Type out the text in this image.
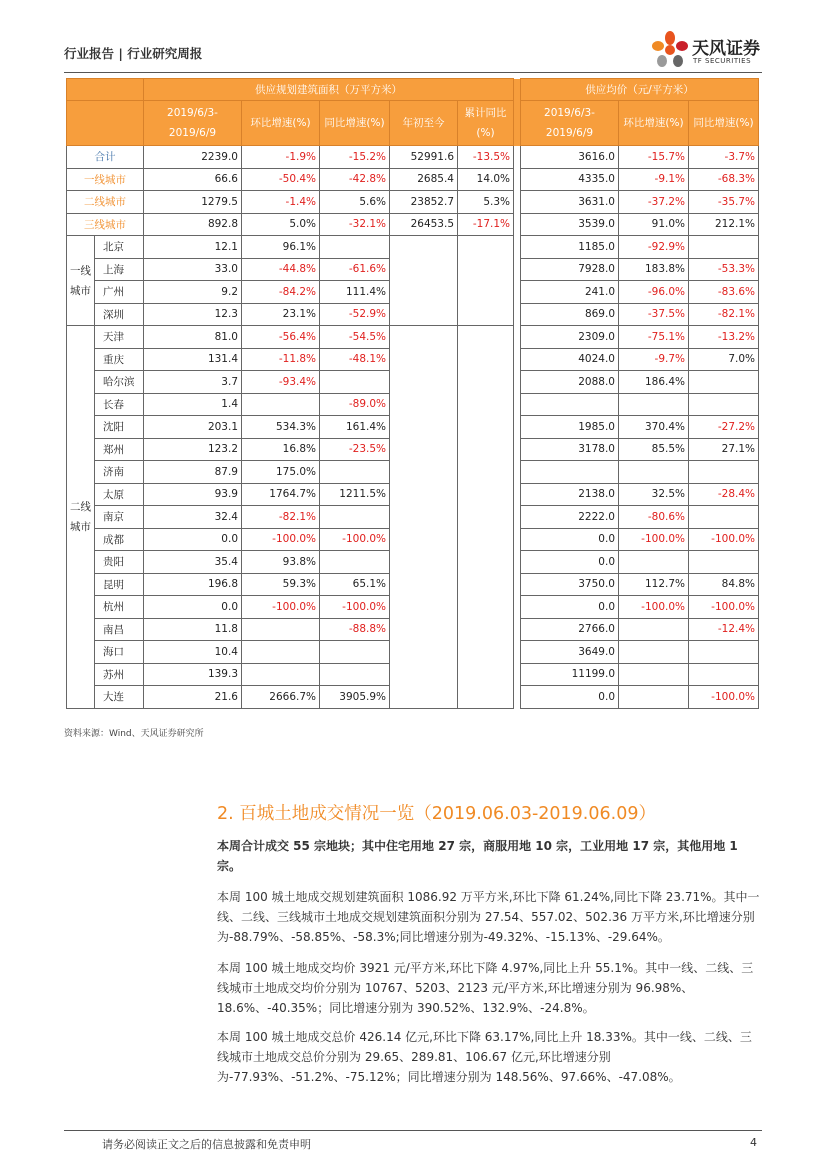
行业报告 | 行业研究周报	天风证券
TF SECURITIES
		供应规划建筑面积（万平方米）						供应均价（元/平方米）		
		2019/6/3-2019/6/9	环比增速(%)	同比增速(%)	年初至今	累计同比(%)		2019/6/3-2019/6/9	环比增速(%)	同比增速(%)
合计		2239.0	-1.9%	-15.2%	52991.6	-13.5%		3616.0	-15.7%	-3.7%
一线城市		66.6	-50.4%	-42.8%	2685.4	14.0%		4335.0	-9.1%	-68.3%
二线城市		1279.5	-1.4%	5.6%	23852.7	5.3%		3631.0	-37.2%	-35.7%
三线城市		892.8	5.0%	-32.1%	26453.5	-17.1%		3539.0	91.0%	212.1%
一线城市	北京	12.1	96.1%					1185.0	-92.9%	
	上海	33.0	-44.8%	-61.6%				7928.0	183.8%	-53.3%
	广州	9.2	-84.2%	111.4%				241.0	-96.0%	-83.6%
	深圳	12.3	23.1%	-52.9%				869.0	-37.5%	-82.1%
二线城市	天津	81.0	-56.4%	-54.5%				2309.0	-75.1%	-13.2%
	重庆	131.4	-11.8%	-48.1%				4024.0	-9.7%	7.0%
	哈尔滨	3.7	-93.4%					2088.0	186.4%	
	长春	1.4		-89.0%						
	沈阳	203.1	534.3%	161.4%				1985.0	370.4%	-27.2%
	郑州	123.2	16.8%	-23.5%				3178.0	85.5%	27.1%
	济南	87.9	175.0%							
	太原	93.9	1764.7%	1211.5%				2138.0	32.5%	-28.4%
	南京	32.4	-82.1%					2222.0	-80.6%	
	成都	0.0	-100.0%	-100.0%				0.0	-100.0%	-100.0%
	贵阳	35.4	93.8%					0.0		
	昆明	196.8	59.3%	65.1%				3750.0	112.7%	84.8%
	杭州	0.0	-100.0%	-100.0%				0.0	-100.0%	-100.0%
	南昌	11.8		-88.8%				2766.0		-12.4%
	海口	10.4						3649.0		
	苏州	139.3						11199.0		
	大连	21.6	2666.7%	3905.9%				0.0		-100.0%
资料来源：Wind、天风证券研究所
2. 百城土地成交情况一览（2019.06.03-2019.06.09）
本周合计成交 55 宗地块；其中住宅用地 27 宗，商服用地 10 宗，工业用地 17 宗，其他用地 1 宗。
本周 100 城土地成交规划建筑面积 1086.92 万平方米,环比下降 61.24%,同比下降 23.71%。其中一线、二线、三线城市土地成交规划建筑面积分别为 27.54、557.02、502.36 万平方米,环比增速分别为-88.79%、-58.85%、-58.3%;同比增速分别为-49.32%、-15.13%、-29.64%。
本周 100 城土地成交均价 3921 元/平方米,环比下降 4.97%,同比上升 55.1%。其中一线、二线、三线城市土地成交均价分别为 10767、5203、2123 元/平方米,环比增速分别为 96.98%、18.6%、-40.35%；同比增速分别为 390.52%、132.9%、-24.8%。
本周 100 城土地成交总价 426.14 亿元,环比下降 63.17%,同比上升 18.33%。其中一线、二线、三线城市土地成交总价分别为 29.65、289.81、106.67 亿元,环比增速分别为-77.93%、-51.2%、-75.12%；同比增速分别为 148.56%、97.66%、-47.08%。
请务必阅读正文之后的信息披露和免责申明	4
